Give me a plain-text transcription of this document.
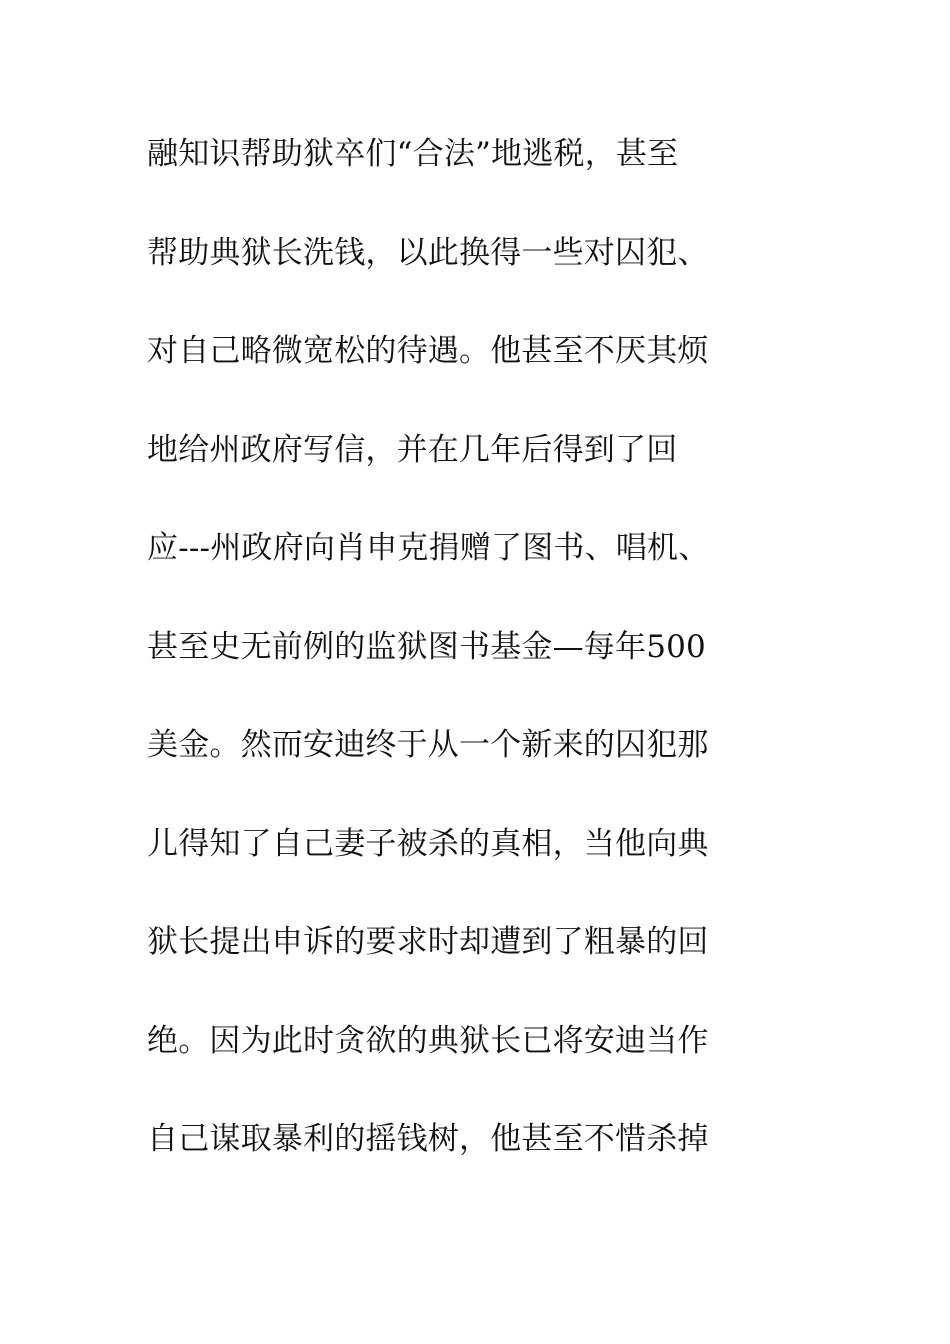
融知识帮助狱卒们“合法”地逃税，甚至
帮助典狱长洗钱，以此换得一些对囚犯、
对自己略微宽松的待遇。他甚至不厌其烦
地给州政府写信，并在几年后得到了回
应---州政府向肖申克捐赠了图书、唱机、
甚至史无前例的监狱图书基金—每年500
美金。然而安迪终于从一个新来的囚犯那
儿得知了自己妻子被杀的真相，当他向典
狱长提出申诉的要求时却遭到了粗暴的回
绝。因为此时贪欲的典狱长已将安迪当作
自己谋取暴利的摇钱树，他甚至不惜杀掉
